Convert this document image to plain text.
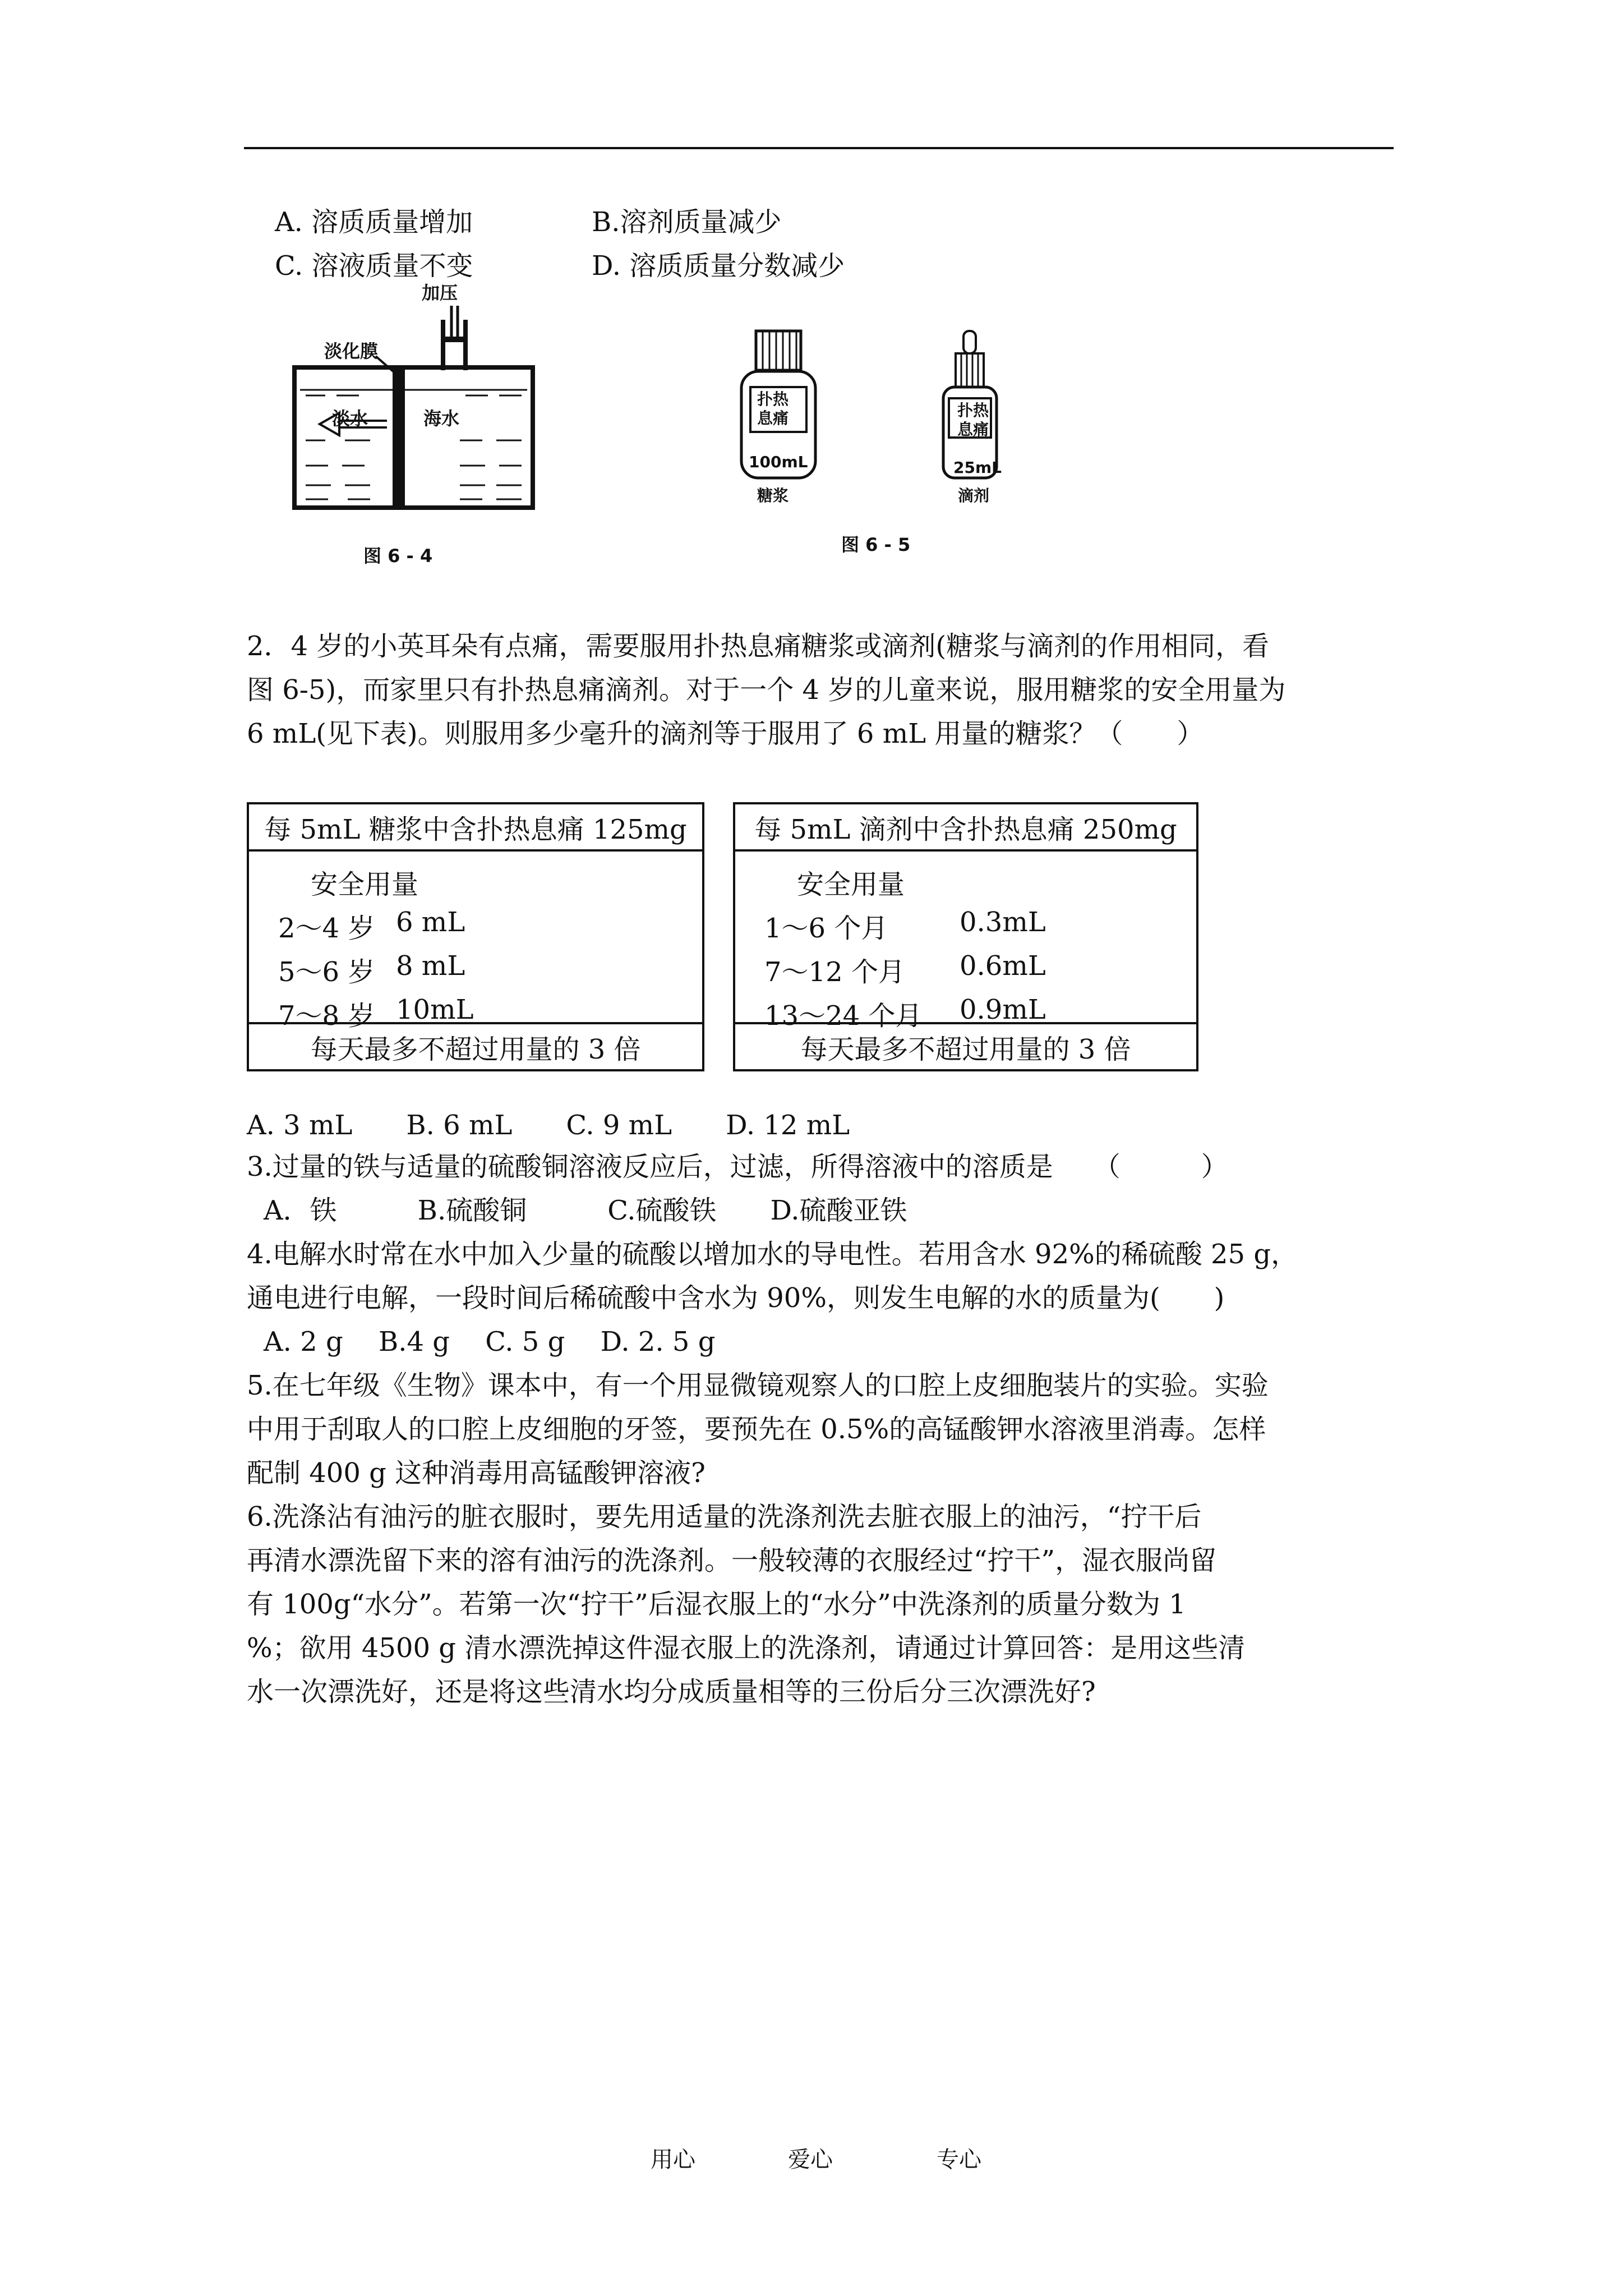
A. 溶质质量增加	B.溶剂质量减少
C. 溶液质量不变	D. 溶质质量分数减少
加压
淡化膜
淡水	海水
图 6 - 4
扑热
息痛
100mL
糖浆
扑热
息痛
25mL
滴剂
图 6 - 5
2．4 岁的小英耳朵有点痛，需要服用扑热息痛糖浆或滴剂(糖浆与滴剂的作用相同，看
图 6-5)，而家里只有扑热息痛滴剂。对于一个 4 岁的儿童来说，服用糖浆的安全用量为
6 mL(见下表)。则服用多少毫升的滴剂等于服用了 6 mL 用量的糖浆？（　　）
每 5mL 糖浆中含扑热息痛 125mg

安全用量
2～4 岁 6 mL
5～6 岁 8 mL
7～8 岁 10mL

每天最多不超过用量的 3 倍
每 5mL 滴剂中含扑热息痛 250mg

安全用量
1～6 个月	0.3mL
7～12 个月 0.6mL
13～24 个月 0.9mL

每天最多不超过用量的 3 倍
A. 3 mL　　B. 6 mL　　C. 9 mL　　D. 12 mL
3.过量的铁与适量的硫酸铜溶液反应后，过滤，所得溶液中的溶质是　　（　　　）
A．铁　　　B.硫酸铜　　　C.硫酸铁　　D.硫酸亚铁
4.电解水时常在水中加入少量的硫酸以增加水的导电性。若用含水 92%的稀硫酸 25 g，
通电进行电解，一段时间后稀硫酸中含水为 90%，则发生电解的水的质量为(　　)
A. 2 g　 B.4 g　 C. 5 g　 D. 2. 5 g
5.在七年级《生物》课本中，有一个用显微镜观察人的口腔上皮细胞装片的实验。实验
中用于刮取人的口腔上皮细胞的牙签，要预先在 0.5%的高锰酸钾水溶液里消毒。怎样
配制 400 g 这种消毒用高锰酸钾溶液?
6.洗涤沾有油污的脏衣服时，要先用适量的洗涤剂洗去脏衣服上的油污，“拧干后
再清水漂洗留下来的溶有油污的洗涤剂。一般较薄的衣服经过“拧干”，湿衣服尚留
有 100g“水分”。若第一次“拧干”后湿衣服上的“水分”中洗涤剂的质量分数为 1
%；欲用 4500 g 清水漂洗掉这件湿衣服上的洗涤剂，请通过计算回答：是用这些清
水一次漂洗好，还是将这些清水均分成质量相等的三份后分三次漂洗好?
用心	爱心	专心
